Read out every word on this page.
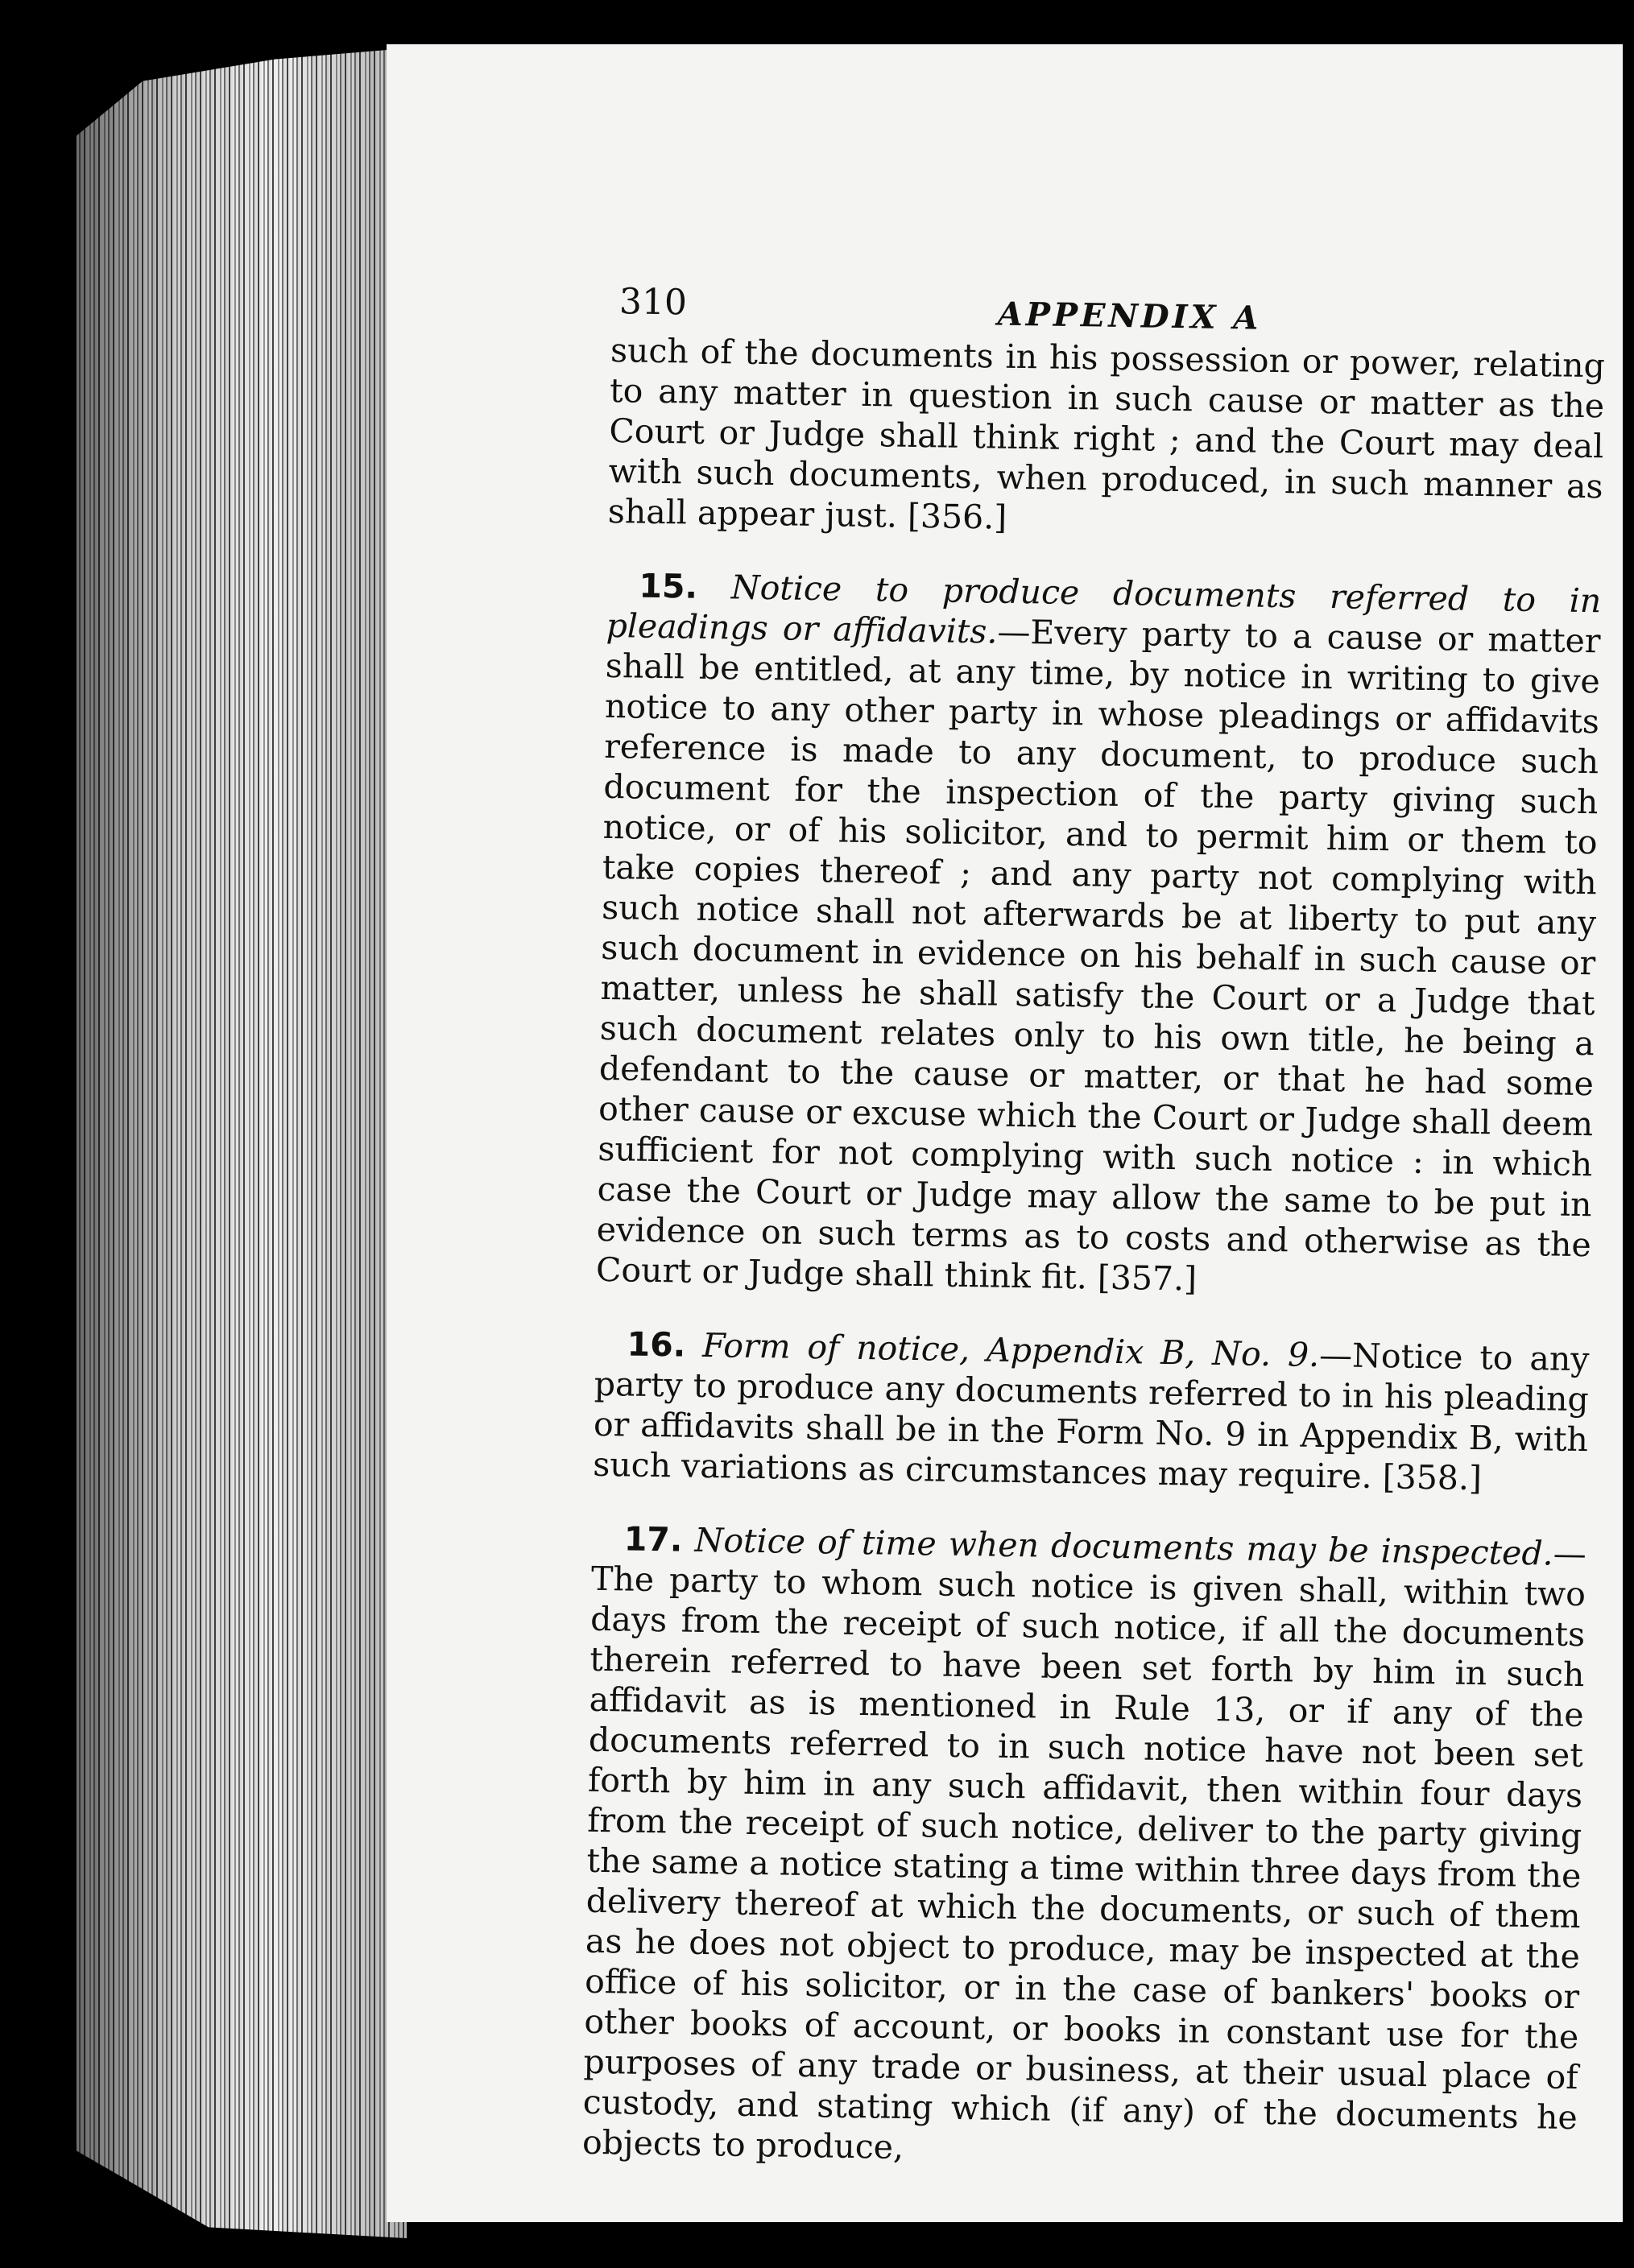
310	APPENDIX A

such of the documents in his possession or power, relating to any matter in question in such cause or matter as the Court or Judge shall think right ; and the Court may deal with such documents, when produced, in such manner as shall appear just. [356.]

15. Notice to produce documents referred to in pleadings or affidavits.—Every party to a cause or matter shall be entitled, at any time, by notice in writing to give notice to any other party in whose pleadings or affidavits reference is made to any document, to produce such document for the inspection of the party giving such notice, or of his solicitor, and to permit him or them to take copies thereof ; and any party not complying with such notice shall not afterwards be at liberty to put any such document in evidence on his behalf in such cause or matter, unless he shall satisfy the Court or a Judge that such document relates only to his own title, he being a defendant to the cause or matter, or that he had some other cause or excuse which the Court or Judge shall deem sufficient for not complying with such notice : in which case the Court or Judge may allow the same to be put in evidence on such terms as to costs and otherwise as the Court or Judge shall think fit. [357.]

16. Form of notice, Appendix B, No. 9.—Notice to any party to produce any documents referred to in his pleading or affidavits shall be in the Form No. 9 in Appendix B, with such variations as circumstances may require. [358.]

17. Notice of time when documents may be inspected.—The party to whom such notice is given shall, within two days from the receipt of such notice, if all the documents therein referred to have been set forth by him in such affidavit as is mentioned in Rule 13, or if any of the documents referred to in such notice have not been set forth by him in any such affidavit, then within four days from the receipt of such notice, deliver to the party giving the same a notice stating a time within three days from the delivery thereof at which the documents, or such of them as he does not object to produce, may be inspected at the office of his solicitor, or in the case of bankers' books or other books of account, or books in constant use for the purposes of any trade or business, at their usual place of custody, and stating which (if any) of the documents he objects to produce,
